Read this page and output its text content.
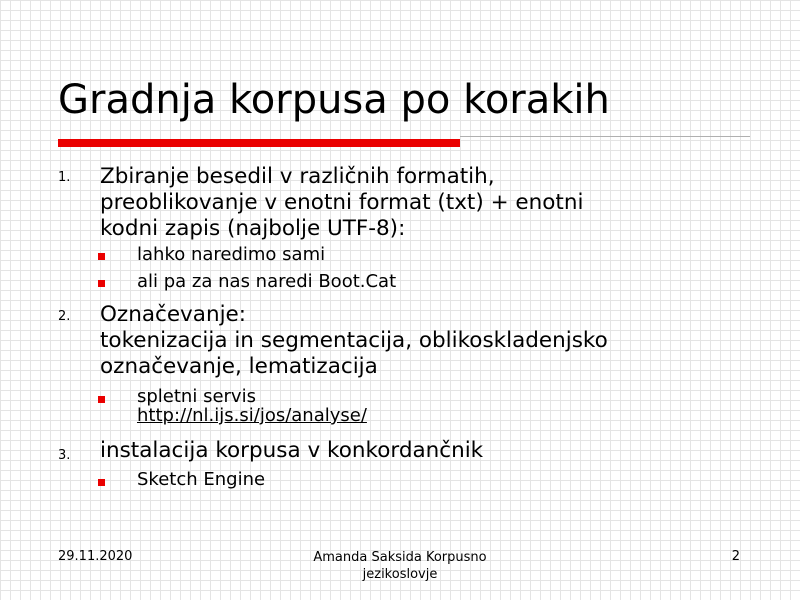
Gradnja korpusa po korakih
1. Zbiranje besedil v različnih formatih,
preoblikovanje v enotni format (txt) + enotni
kodni zapis (najbolje UTF-8):
lahko naredimo sami
ali pa za nas naredi Boot.Cat
2. Označevanje:
tokenizacija in segmentacija, oblikoskladenjsko
označevanje, lematizacija
spletni servis
http://nl.ijs.si/jos/analyse/
3. instalacija korpusa v konkordančnik
Sketch Engine
29.11.2020	Amanda Saksida Korpusno
jezikoslovje
2
